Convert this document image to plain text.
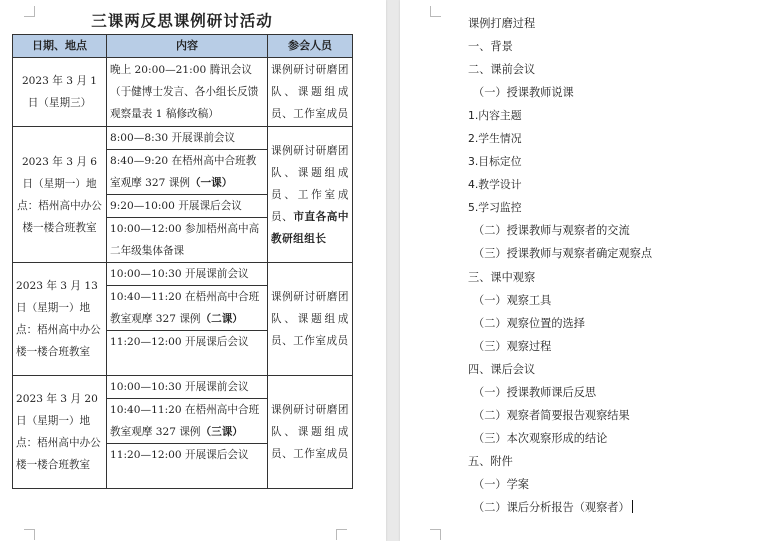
三课两反思课例研讨活动
日期、地点	内容	参会人员
2023 年 3 月 1 日（星期三）	晚上 20:00—21:00 腾讯会议（于健博士发言、各小组长反馈观察量表 1 稿修改稿）	课例研讨研磨团队、课题组成员、工作室成员
2023 年 3 月 6 日（星期一）地点：梧州高中办公楼一楼合班教室	8:00—8:30 开展课前会议	课例研讨研磨团队、课题组成员、工作室成员、市直各高中教研组组长
	8:40—9:20 在梧州高中合班教室观摩 327 课例（一课）	
	9:20—10:00 开展课后会议	
	10:00—12:00 参加梧州高中高二年级集体备课	
2023 年 3 月 13 日（星期一）地点：梧州高中办公楼一楼合班教室	10:00—10:30 开展课前会议	课例研讨研磨团队、课题组成员、工作室成员
	10:40—11:20 在梧州高中合班教室观摩 327 课例（二课）	
	11:20—12:00 开展课后会议	
2023 年 3 月 20 日（星期一）地点：梧州高中办公楼一楼合班教室	10:00—10:30 开展课前会议	课例研讨研磨团队、课题组成员、工作室成员
	10:40—11:20 在梧州高中合班教室观摩 327 课例（三课）	
	11:20—12:00 开展课后会议	
课例打磨过程
一、背景
二、课前会议
（一）授课教师说课
1.内容主题
2.学生情况
3.目标定位
4.教学设计
5.学习监控
（二）授课教师与观察者的交流
（三）授课教师与观察者确定观察点
三、课中观察
（一）观察工具
（二）观察位置的选择
（三）观察过程
四、课后会议
（一）授课教师课后反思
（二）观察者简要报告观察结果
（三）本次观察形成的结论
五、附件
（一）学案
（二）课后分析报告（观察者）
